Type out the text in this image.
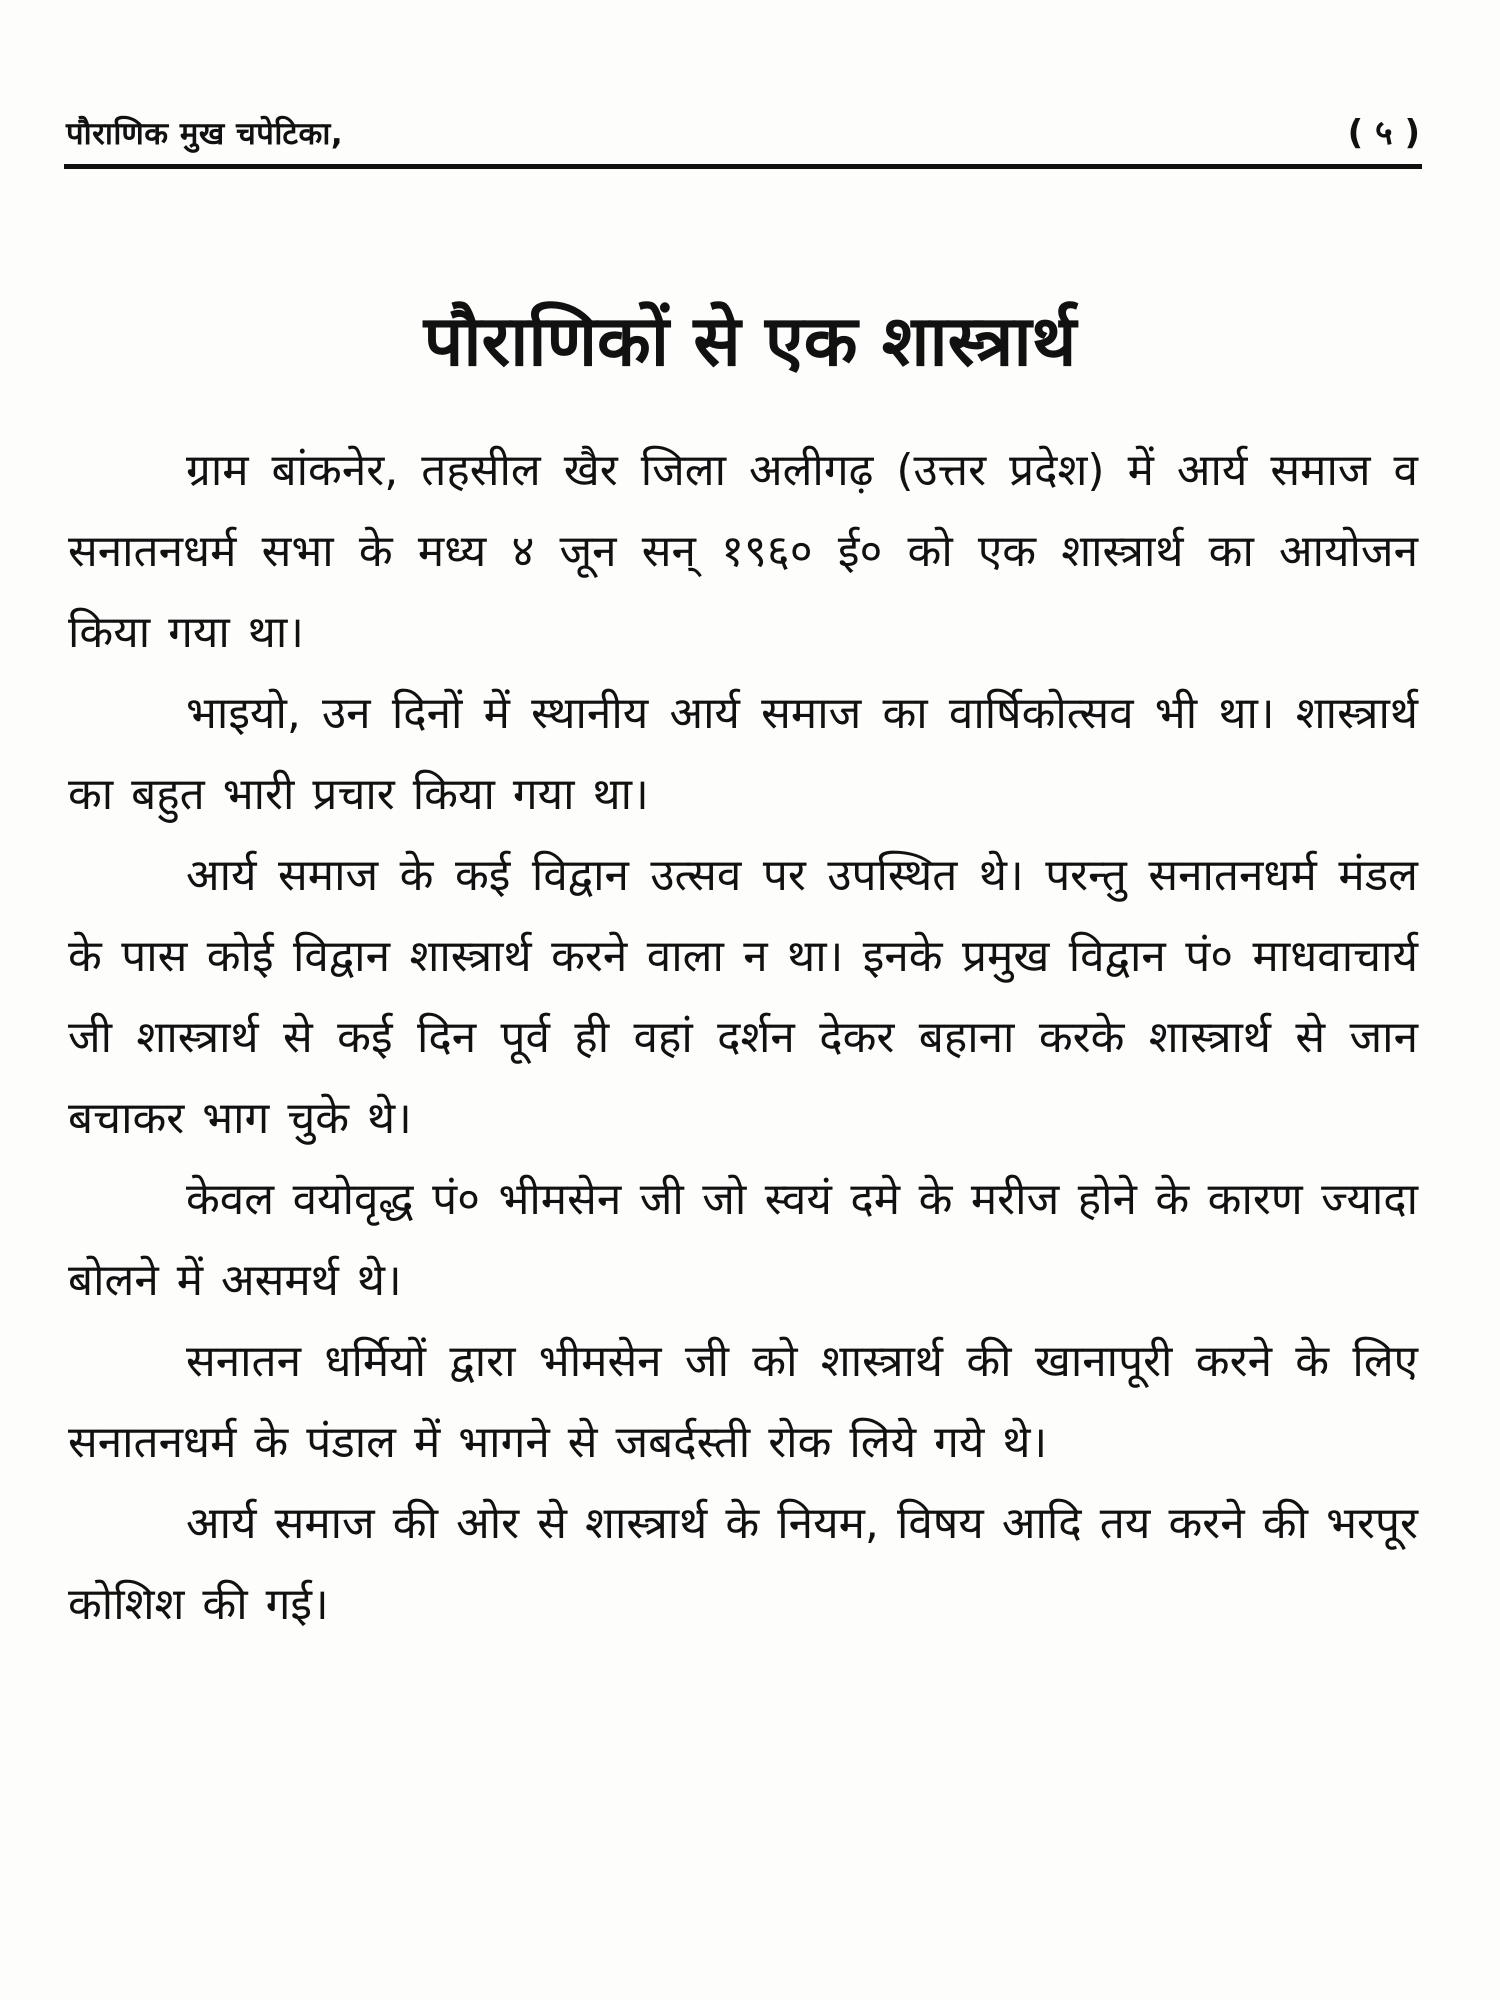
पौराणिक मुख चपेटिका,	( ५ )
पौराणिकों से एक शास्त्रार्थ

ग्राम बांकनेर, तहसील खैर जिला अलीगढ़ (उत्तर प्रदेश) में आर्य समाज व सनातनधर्म सभा के मध्य ४ जून सन् १९६० ई० को एक शास्त्रार्थ का आयोजन किया गया था।

भाइयो, उन दिनों में स्थानीय आर्य समाज का वार्षिकोत्सव भी था। शास्त्रार्थ का बहुत भारी प्रचार किया गया था।

आर्य समाज के कई विद्वान उत्सव पर उपस्थित थे। परन्तु सनातनधर्म मंडल के पास कोई विद्वान शास्त्रार्थ करने वाला न था। इनके प्रमुख विद्वान पं० माधवाचार्य जी शास्त्रार्थ से कई दिन पूर्व ही वहां दर्शन देकर बहाना करके शास्त्रार्थ से जान बचाकर भाग चुके थे।

केवल वयोवृद्ध पं० भीमसेन जी जो स्वयं दमे के मरीज होने के कारण ज्यादा बोलने में असमर्थ थे।

सनातन धर्मियों द्वारा भीमसेन जी को शास्त्रार्थ की खानापूरी करने के लिए सनातनधर्म के पंडाल में भागने से जबर्दस्ती रोक लिये गये थे।

आर्य समाज की ओर से शास्त्रार्थ के नियम, विषय आदि तय करने की भरपूर कोशिश की गई।
